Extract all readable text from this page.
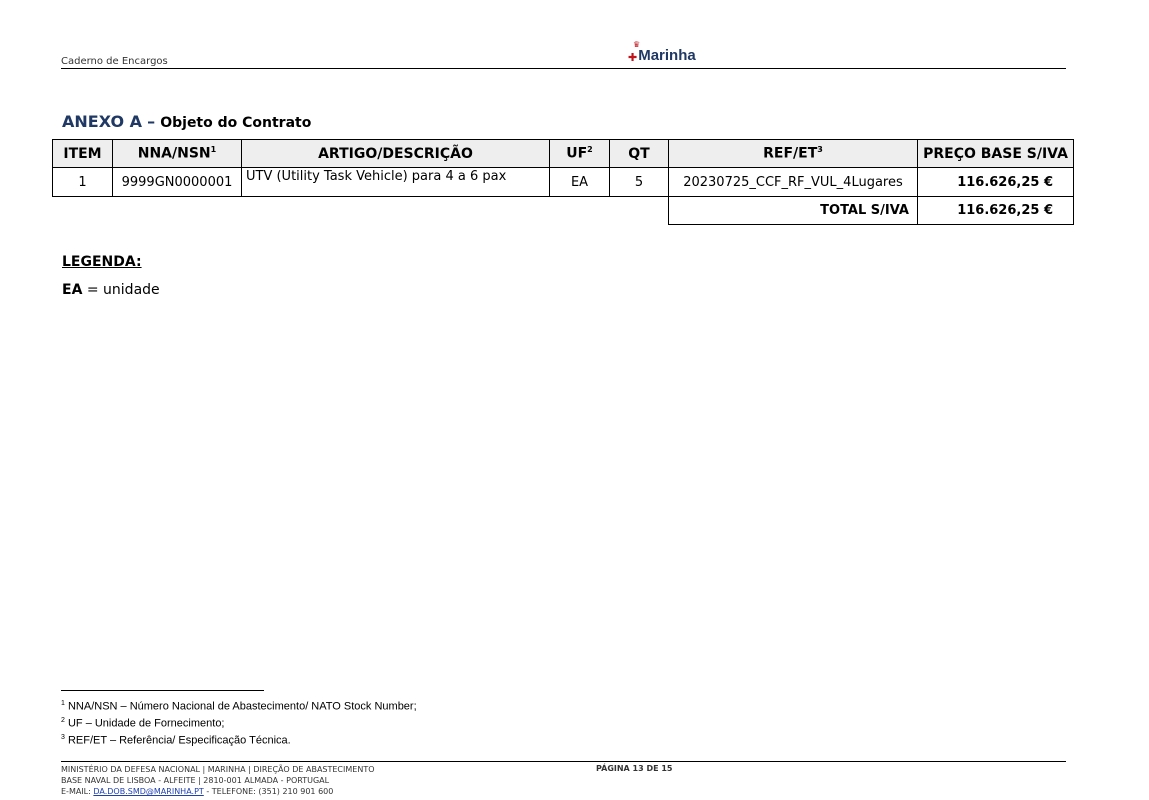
Caderno de Encargos
♛
✚ Marinha
ANEXO A – Objeto do Contrato
ITEM	NNA/NSN$^1$	ARTIGO/DESCRIÇÃO	$UF^2$	QT	REF/$ET^3$	PREÇO BASE S/IVA
1	9999GN0000001	UTV (Utility Task Vehicle) para 4 a 6 pax	EA	5	20230725_CCF_RF_VUL_4Lugares	116.626,25 €
					TOTAL S/IVA	116.626,25 €
LEGENDA:
EA = unidade
$^1$ NNA/NSN – Número Nacional de Abastecimento/ NATO Stock Number;
$^2$ UF – Unidade de Fornecimento;
$^3$ REF/ET – Referência/ Especificação Técnica.
MINISTÉRIO DA DEFESA NACIONAL | MARINHA | DIREÇÃO DE ABASTECIMENTO
BASE NAVAL DE LISBOA - ALFEITE | 2810-001 ALMADA - PORTUGAL
E-MAIL: DA.DOB.SMD@MARINHA.PT - TELEFONE: (351) 210 901 600
PÁGINA 13 DE 15
